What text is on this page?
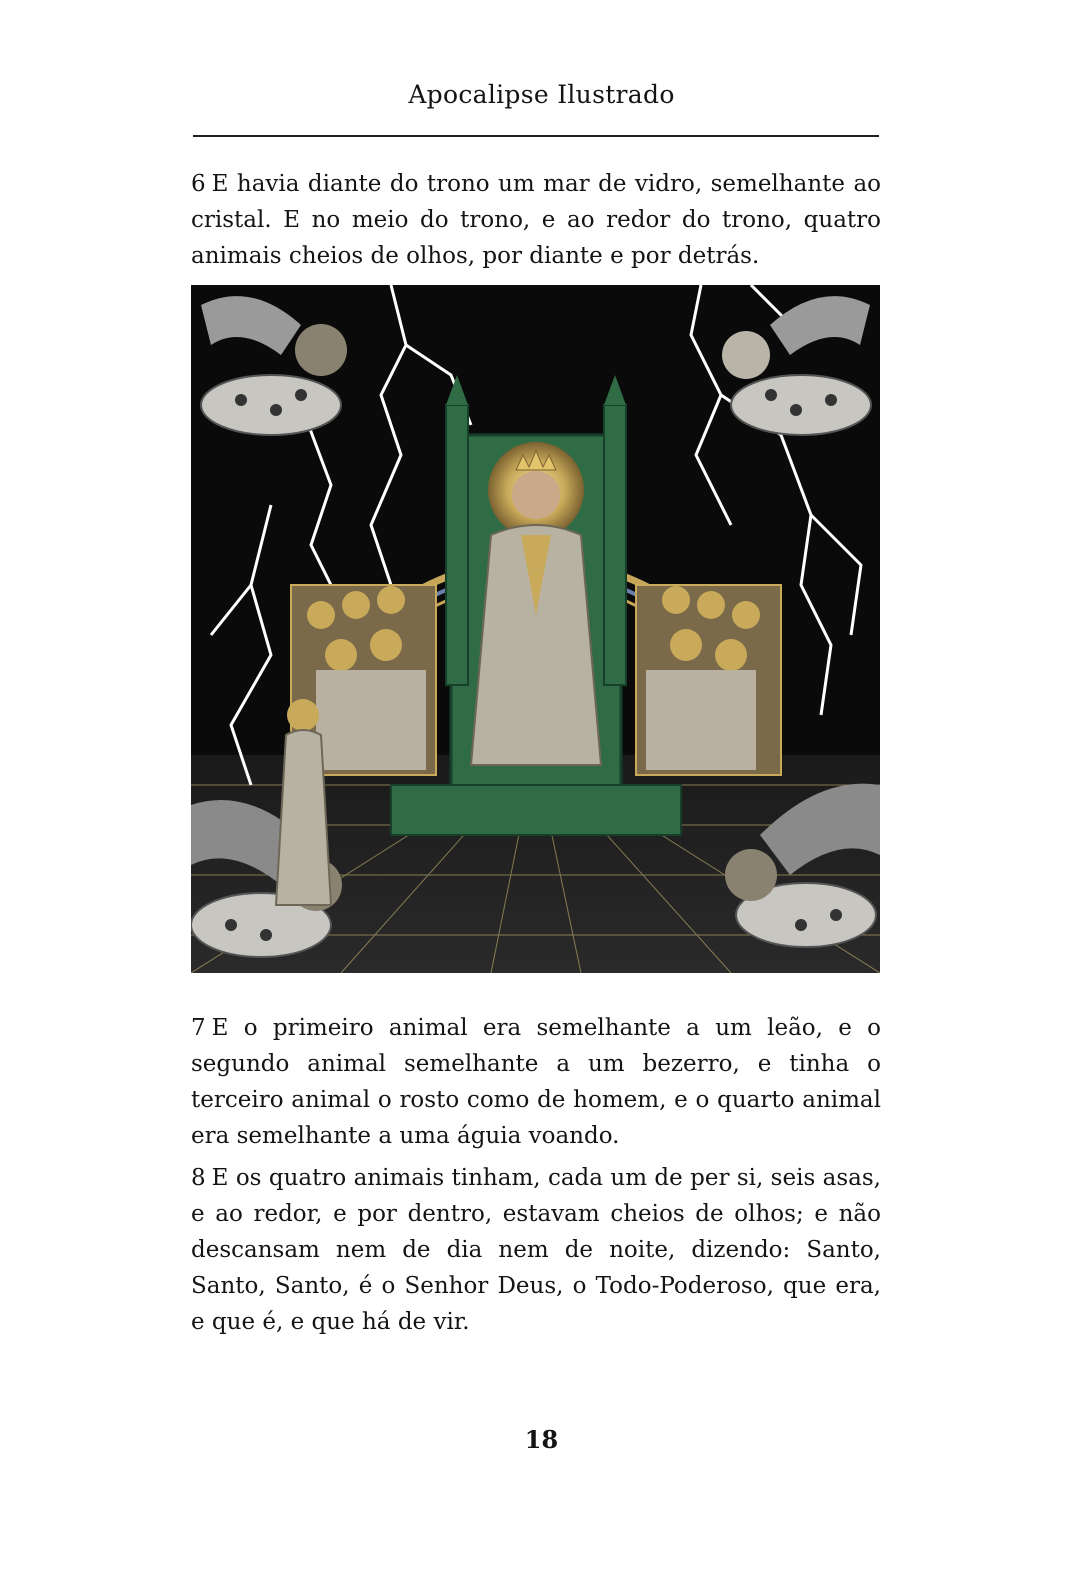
Apocalipse Ilustrado

6 E havia diante do trono um mar de vidro, semelhante ao cristal. E no meio do trono, e ao redor do trono, quatro animais cheios de olhos, por diante e por detrás.

7 E o primeiro animal era semelhante a um leão, e o segundo animal semelhante a um bezerro, e tinha o terceiro animal o rosto como de homem, e o quarto animal era semelhante a uma águia voando.

8 E os quatro animais tinham, cada um de per si, seis asas, e ao redor, e por dentro, estavam cheios de olhos; e não descansam nem de dia nem de noite, dizendo: Santo, Santo, Santo, é o Senhor Deus, o Todo-Poderoso, que era, e que é, e que há de vir.

18
